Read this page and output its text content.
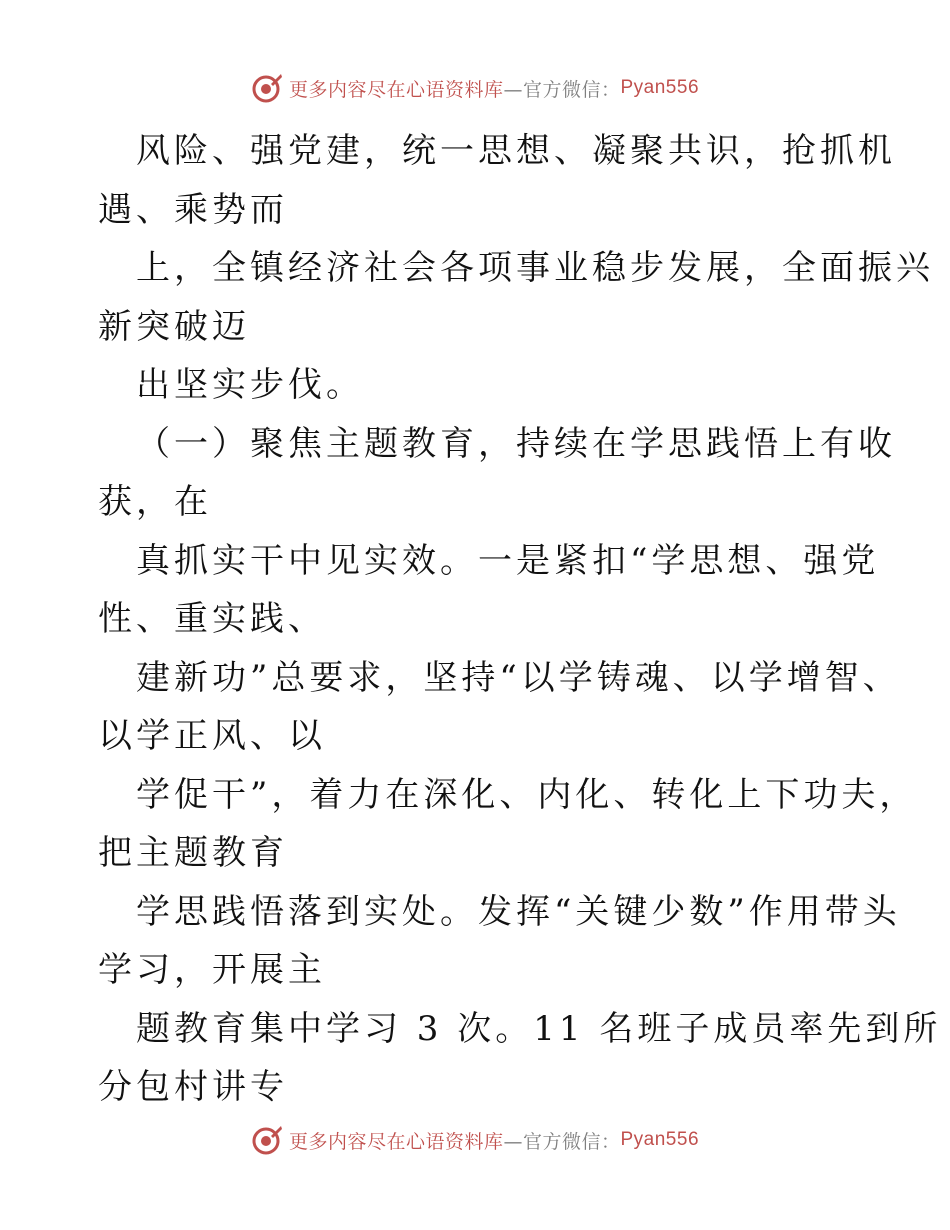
更多内容尽在心语资料库 —官方微信： Pyan556
风险、强党建，统一思想、凝聚共识，抢抓机
遇、乘势而
上，全镇经济社会各项事业稳步发展，全面振兴
新突破迈
出坚实步伐。
（一）聚焦主题教育，持续在学思践悟上有收
获，在
真抓实干中见实效。一是紧扣“学思想、强党
性、重实践、
建新功”总要求，坚持“以学铸魂、以学增智、
以学正风、以
学促干”，着力在深化、内化、转化上下功夫，
把主题教育
学思践悟落到实处。发挥“关键少数”作用带头
学习，开展主
题教育集中学习 3 次。11 名班子成员率先到所
分包村讲专
更多内容尽在心语资料库 —官方微信： Pyan556
